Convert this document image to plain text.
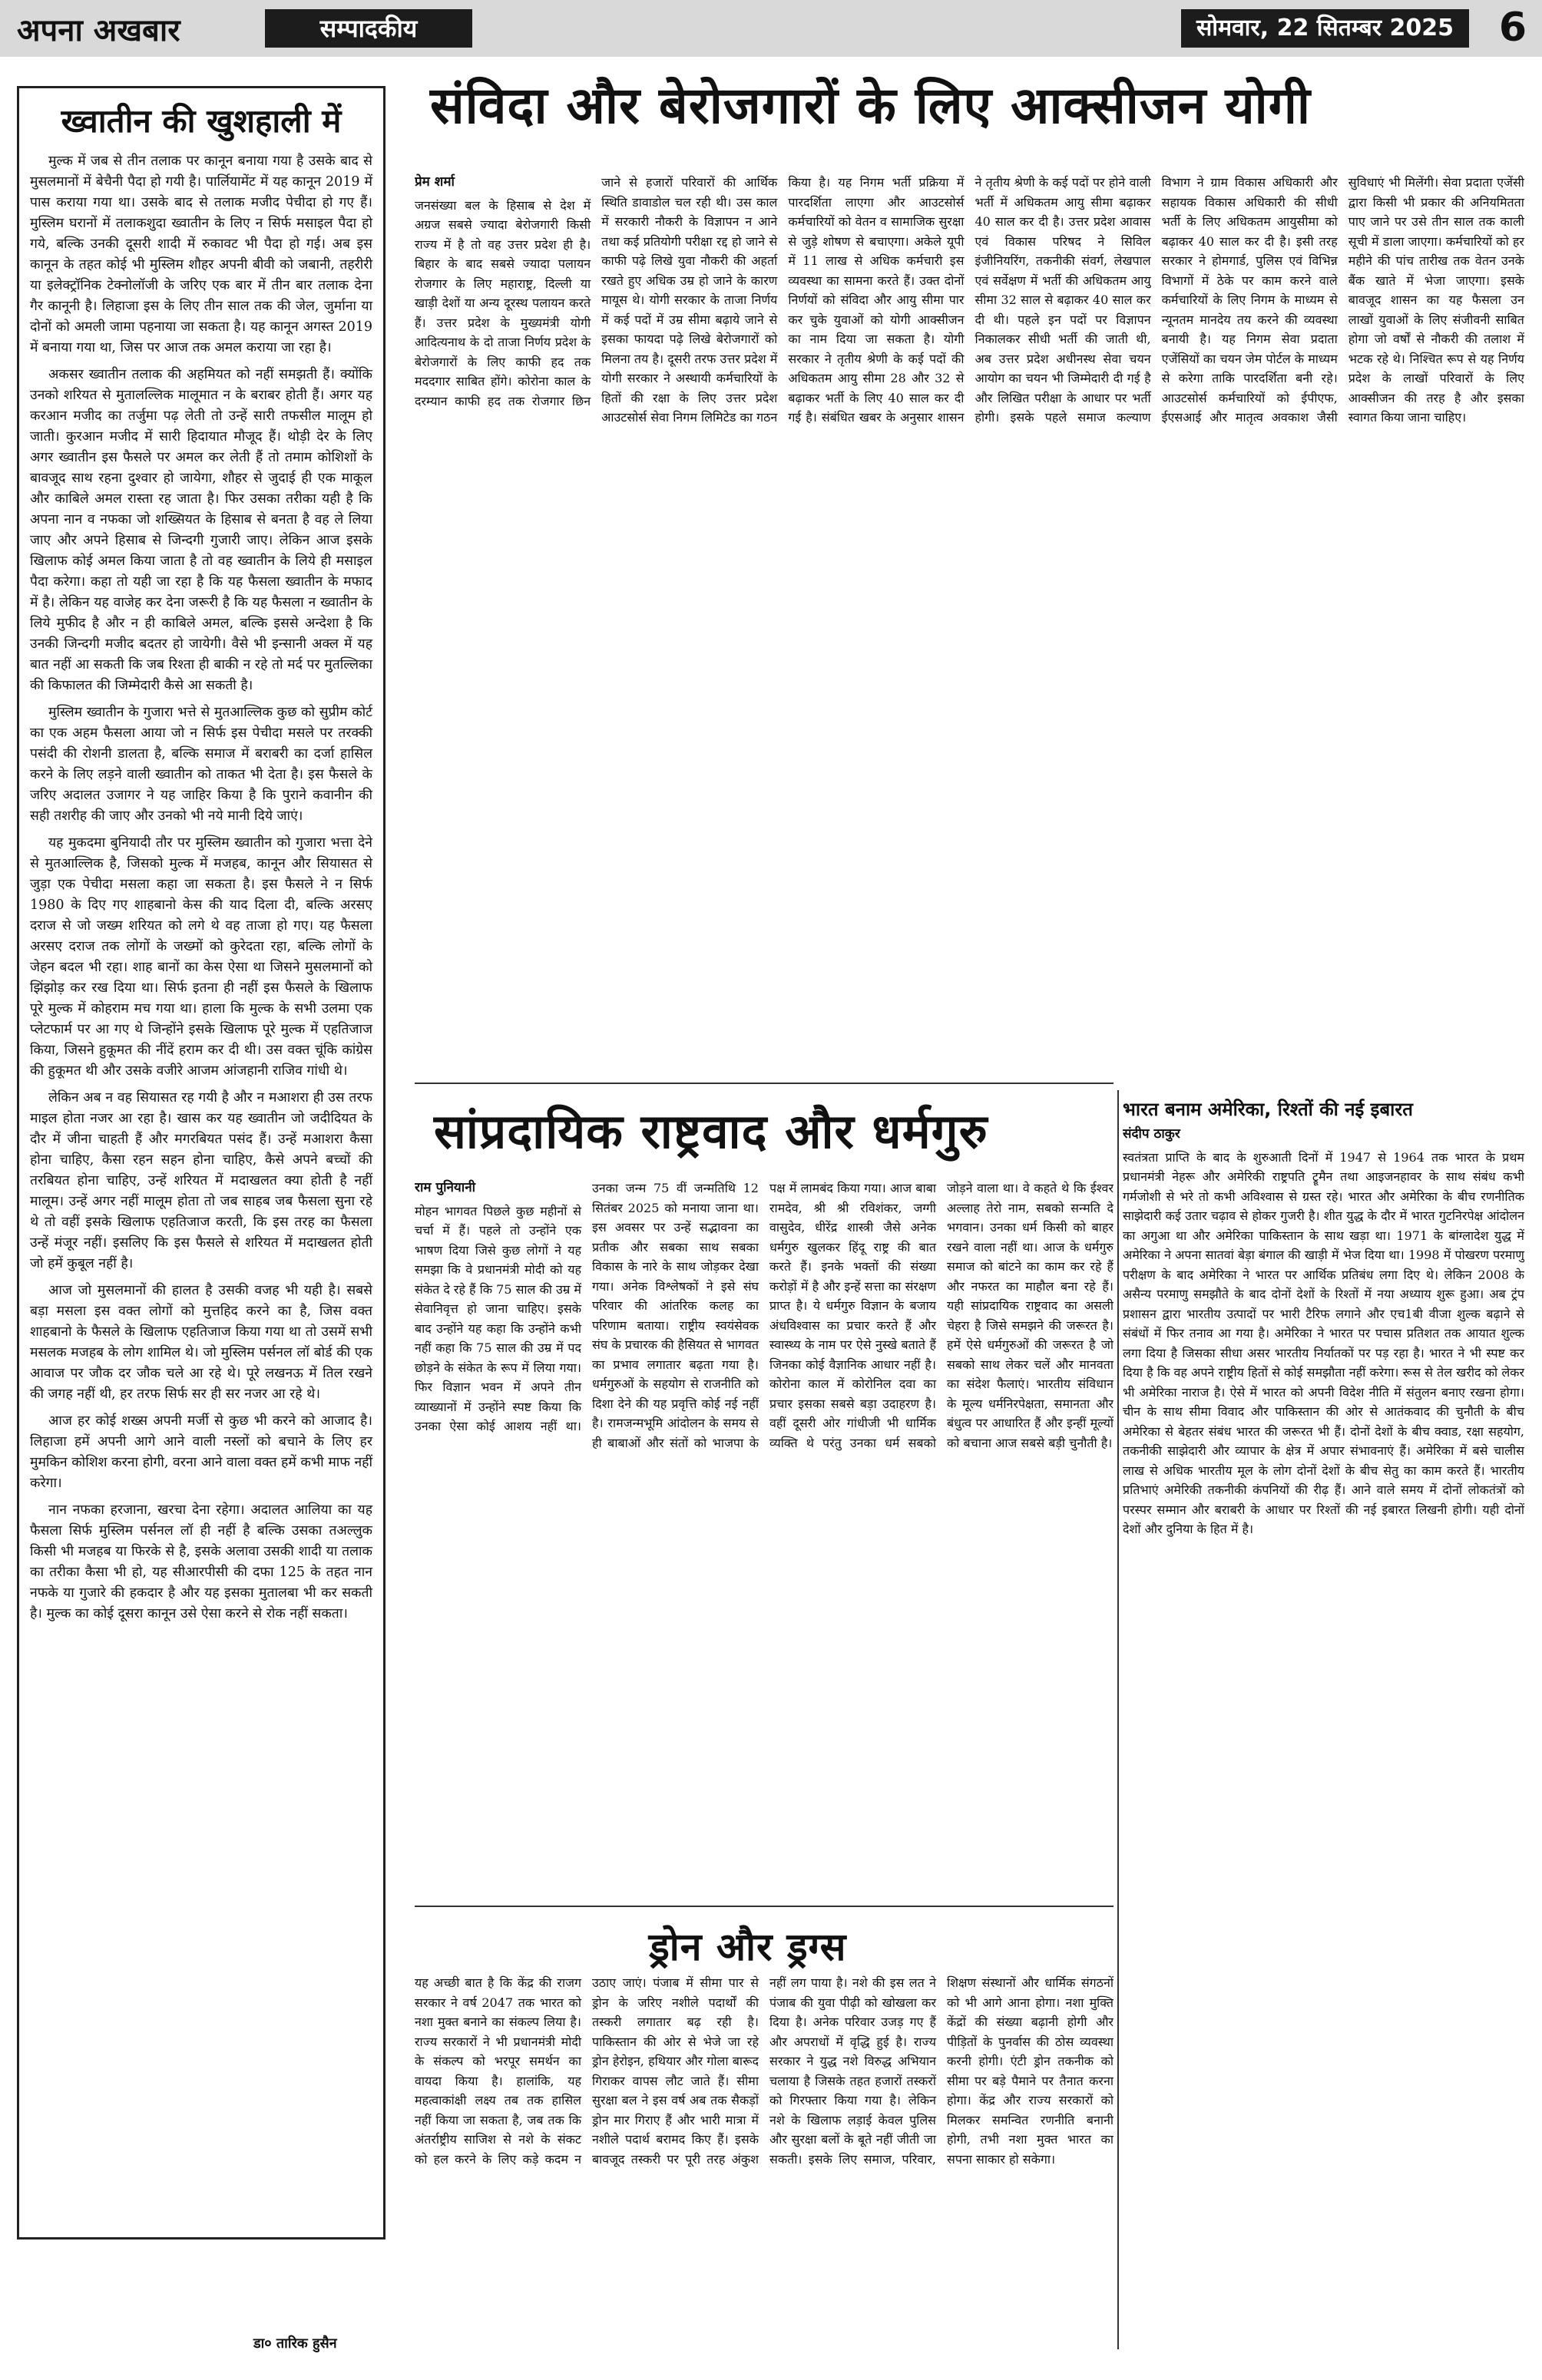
अपना अखबार	सम्पादकीय	सोमवार, 22 सितम्बर 2025	6
ख्वातीन की खुशहाली में

मुल्क में जब से तीन तलाक पर कानून बनाया गया है उसके बाद से मुसलमानों में बेचैनी पैदा हो गयी है। पार्लियामेंट में यह कानून 2019 में पास कराया गया था। उसके बाद से तलाक मजीद पेचीदा हो गए हैं। मुस्लिम घरानों में तलाकशुदा ख्वातीन के लिए न सिर्फ मसाइल पैदा हो गये, बल्कि उनकी दूसरी शादी में रुकावट भी पैदा हो गई। अब इस कानून के तहत कोई भी मुस्लिम शौहर अपनी बीवी को जबानी, तहरीरी या इलेक्ट्रॉनिक टेक्नोलॉजी के जरिए एक बार में तीन बार तलाक देना गैर कानूनी है। लिहाजा इस के लिए तीन साल तक की जेल, जुर्माना या दोनों को अमली जामा पहनाया जा सकता है। यह कानून अगस्त 2019 में बनाया गया था, जिस पर आज तक अमल कराया जा रहा है।

अकसर ख्वातीन तलाक की अहमियत को नहीं समझती हैं। क्योंकि उनको शरियत से मुतालल्लिक मालूमात न के बराबर होती हैं। अगर यह करआन मजीद का तर्जुमा पढ़ लेती तो उन्हें सारी तफसील मालूम हो जाती। कुरआन मजीद में सारी हिदायात मौजूद हैं। थोड़ी देर के लिए अगर ख्वातीन इस फैसले पर अमल कर लेती हैं तो तमाम कोशिशों के बावजूद साथ रहना दुश्वार हो जायेगा, शौहर से जुदाई ही एक माकूल और काबिले अमल रास्ता रह जाता है। फिर उसका तरीका यही है कि अपना नान व नफका जो शख्सियत के हिसाब से बनता है वह ले लिया जाए और अपने हिसाब से जिन्दगी गुजारी जाए। लेकिन आज इसके खिलाफ कोई अमल किया जाता है तो वह ख्वातीन के लिये ही मसाइल पैदा करेगा। कहा तो यही जा रहा है कि यह फैसला ख्वातीन के मफाद में है। लेकिन यह वाजेह कर देना जरूरी है कि यह फैसला न ख्वातीन के लिये मुफीद है और न ही काबिले अमल, बल्कि इससे अन्देशा है कि उनकी जिन्दगी मजीद बदतर हो जायेगी। वैसे भी इन्सानी अक्ल में यह बात नहीं आ सकती कि जब रिश्ता ही बाकी न रहे तो मर्द पर मुतल्लिका की किफालत की जिम्मेदारी कैसे आ सकती है।

मुस्लिम ख्वातीन के गुजारा भत्ते से मुतआल्लिक कुछ को सुप्रीम कोर्ट का एक अहम फैसला आया जो न सिर्फ इस पेचीदा मसले पर तरक्की पसंदी की रोशनी डालता है, बल्कि समाज में बराबरी का दर्जा हासिल करने के लिए लड़ने वाली ख्वातीन को ताकत भी देता है। इस फैसले के जरिए अदालत उजागर ने यह जाहिर किया है कि पुराने कवानीन की सही तशरीह की जाए और उनको भी नये मानी दिये जाएं।

यह मुकदमा बुनियादी तौर पर मुस्लिम ख्वातीन को गुजारा भत्ता देने से मुतआल्लिक है, जिसको मुल्क में मजहब, कानून और सियासत से जुड़ा एक पेचीदा मसला कहा जा सकता है। इस फैसले ने न सिर्फ 1980 के दिए गए शाहबानो केस की याद दिला दी, बल्कि अरसए दराज से जो जख्म शरियत को लगे थे वह ताजा हो गए। यह फैसला अरसए दराज तक लोगों के जख्मों को कुरेदता रहा, बल्कि लोगों के जेहन बदल भी रहा। शाह बानों का केस ऐसा था जिसने मुसलमानों को झिंझोड़ कर रख दिया था। सिर्फ इतना ही नहीं इस फैसले के खिलाफ पूरे मुल्क में कोहराम मच गया था। हाला कि मुल्क के सभी उलमा एक प्लेटफार्म पर आ गए थे जिन्होंने इसके खिलाफ पूरे मुल्क में एहतिजाज किया, जिसने हुकूमत की नींदें हराम कर दी थी। उस वक्त चूंकि कांग्रेस की हुकूमत थी और उसके वजीरे आजम आंजहानी राजिव गांधी थे।

लेकिन अब न वह सियासत रह गयी है और न मआशरा ही उस तरफ माइल होता नजर आ रहा है। खास कर यह ख्वातीन जो जदीदियत के दौर में जीना चाहती हैं और मगरबियत पसंद हैं। उन्हें मआशरा कैसा होना चाहिए, कैसा रहन सहन होना चाहिए, कैसे अपने बच्चों की तरबियत होना चाहिए, उन्हें शरियत में मदाखलत क्या होती है नहीं मालूम। उन्हें अगर नहीं मालूम होता तो जब साहब जब फैसला सुना रहे थे तो वहीं इसके खिलाफ एहतिजाज करती, कि इस तरह का फैसला उन्हें मंजूर नहीं। इसलिए कि इस फैसले से शरियत में मदाखलत होती जो हमें कुबूल नहीं है।

आज जो मुसलमानों की हालत है उसकी वजह भी यही है। सबसे बड़ा मसला इस वक्त लोगों को मुत्तहिद करने का है, जिस वक्त शाहबानो के फैसले के खिलाफ एहतिजाज किया गया था तो उसमें सभी मसलक मजहब के लोग शामिल थे। जो मुस्लिम पर्सनल लॉ बोर्ड की एक आवाज पर जौक दर जौक चले आ रहे थे। पूरे लखनऊ में तिल रखने की जगह नहीं थी, हर तरफ सिर्फ सर ही सर नजर आ रहे थे।

आज हर कोई शख्स अपनी मर्जी से कुछ भी करने को आजाद है। लिहाजा हमें अपनी आगे आने वाली नस्लों को बचाने के लिए हर मुमकिन कोशिश करना होगी, वरना आने वाला वक्त हमें कभी माफ नहीं करेगा।

नान नफका हरजाना, खरचा देना रहेगा। अदालत आलिया का यह फैसला सिर्फ मुस्लिम पर्सनल लॉ ही नहीं है बल्कि उसका तअल्लुक किसी भी मजहब या फिरके से है, इसके अलावा उसकी शादी या तलाक का तरीका कैसा भी हो, यह सीआरपीसी की दफा 125 के तहत नान नफके या गुजारे की हकदार है और यह इसका मुतालबा भी कर सकती है। मुल्क का कोई दूसरा कानून उसे ऐसा करने से रोक नहीं सकता।

डा० तारिक हुसैन
संविदा और बेरोजगारों के लिए आक्सीजन योगी
प्रेम शर्मा

जनसंख्या बल के हिसाब से देश में अग्रज सबसे ज्यादा बेरोजगारी किसी राज्य में है तो वह उत्तर प्रदेश ही है। बिहार के बाद सबसे ज्यादा पलायन रोजगार के लिए महाराष्ट्र, दिल्ली या खाड़ी देशों या अन्य दूरस्थ पलायन करते हैं। उत्तर प्रदेश के मुख्यमंत्री योगी आदित्यनाथ के दो ताजा निर्णय प्रदेश के बेरोजगारों के लिए काफी हद तक मददगार साबित होंगे। कोरोना काल के दरम्यान काफी हद तक रोजगार छिन जाने से हजारों परिवारों की आर्थिक स्थिति डावाडोल चल रही थी। उस काल में सरकारी नौकरी के विज्ञापन न आने तथा कई प्रतियोगी परीक्षा रद्द हो जाने से काफी पढ़े लिखे युवा नौकरी की अहर्ता रखते हुए अधिक उम्र हो जाने के कारण मायूस थे। योगी सरकार के ताजा निर्णय में कई पदों में उम्र सीमा बढ़ाये जाने से इसका फायदा पढ़े लिखे बेरोजगारों को मिलना तय है। दूसरी तरफ उत्तर प्रदेश में योगी सरकार ने अस्थायी कर्मचारियों के हितों की रक्षा के लिए उत्तर प्रदेश आउटसोर्स सेवा निगम लिमिटेड का गठन किया है। यह निगम भर्ती प्रक्रिया में पारदर्शिता लाएगा और आउटसोर्स कर्मचारियों को वेतन व सामाजिक सुरक्षा से जुड़े शोषण से बचाएगा। अकेले यूपी में 11 लाख से अधिक कर्मचारी इस व्यवस्था का सामना करते हैं। उक्त दोनों निर्णयों को संविदा और आयु सीमा पार कर चुके युवाओं को योगी आक्सीजन का नाम दिया जा सकता है। योगी सरकार ने तृतीय श्रेणी के कई पदों की अधिकतम आयु सीमा 28 और 32 से बढ़ाकर भर्ती के लिए 40 साल कर दी गई है। संबंधित खबर के अनुसार शासन ने तृतीय श्रेणी के कई पदों पर होने वाली भर्ती में अधिकतम आयु सीमा बढ़ाकर 40 साल कर दी है। उत्तर प्रदेश आवास एवं विकास परिषद ने सिविल इंजीनियरिंग, तकनीकी संवर्ग, लेखपाल एवं सर्वेक्षण में भर्ती की अधिकतम आयु सीमा 32 साल से बढ़ाकर 40 साल कर दी थी। पहले इन पदों पर विज्ञापन निकालकर सीधी भर्ती की जाती थी, अब उत्तर प्रदेश अधीनस्थ सेवा चयन आयोग का चयन भी जिम्मेदारी दी गई है और लिखित परीक्षा के आधार पर भर्ती होगी। इसके पहले समाज कल्याण विभाग ने ग्राम विकास अधिकारी और सहायक विकास अधिकारी की सीधी भर्ती के लिए अधिकतम आयुसीमा को बढ़ाकर 40 साल कर दी है। इसी तरह सरकार ने होमगार्ड, पुलिस एवं विभिन्न विभागों में ठेके पर काम करने वाले कर्मचारियों के लिए निगम के माध्यम से न्यूनतम मानदेय तय करने की व्यवस्था बनायी है। यह निगम सेवा प्रदाता एजेंसियों का चयन जेम पोर्टल के माध्यम से करेगा ताकि पारदर्शिता बनी रहे। आउटसोर्स कर्मचारियों को ईपीएफ, ईएसआई और मातृत्व अवकाश जैसी सुविधाएं भी मिलेंगी। सेवा प्रदाता एजेंसी द्वारा किसी भी प्रकार की अनियमितता पाए जाने पर उसे तीन साल तक काली सूची में डाला जाएगा। कर्मचारियों को हर महीने की पांच तारीख तक वेतन उनके बैंक खाते में भेजा जाएगा। इसके बावजूद शासन का यह फैसला उन लाखों युवाओं के लिए संजीवनी साबित होगा जो वर्षों से नौकरी की तलाश में भटक रहे थे। निश्चित रूप से यह निर्णय प्रदेश के लाखों परिवारों के लिए आक्सीजन की तरह है और इसका स्वागत किया जाना चाहिए।

सांप्रदायिक राष्ट्रवाद और धर्मगुरु
राम पुनियानी

मोहन भागवत पिछले कुछ महीनों से चर्चा में हैं। पहले तो उन्होंने एक भाषण दिया जिसे कुछ लोगों ने यह समझा कि वे प्रधानमंत्री मोदी को यह संकेत दे रहे हैं कि 75 साल की उम्र में सेवानिवृत्त हो जाना चाहिए। इसके बाद उन्होंने यह कहा कि उन्होंने कभी नहीं कहा कि 75 साल की उम्र में पद छोड़ने के संकेत के रूप में लिया गया। फिर विज्ञान भवन में अपने तीन व्याख्यानों में उन्होंने स्पष्ट किया कि उनका ऐसा कोई आशय नहीं था। उनका जन्म 75 वीं जन्मतिथि 12 सितंबर 2025 को मनाया जाना था। इस अवसर पर उन्हें सद्भावना का प्रतीक और सबका साथ सबका विकास के नारे के साथ जोड़कर देखा गया। अनेक विश्लेषकों ने इसे संघ परिवार की आंतरिक कलह का परिणाम बताया। राष्ट्रीय स्वयंसेवक संघ के प्रचारक की हैसियत से भागवत का प्रभाव लगातार बढ़ता गया है। धर्मगुरुओं के सहयोग से राजनीति को दिशा देने की यह प्रवृत्ति कोई नई नहीं है। रामजन्मभूमि आंदोलन के समय से ही बाबाओं और संतों को भाजपा के पक्ष में लामबंद किया गया। आज बाबा रामदेव, श्री श्री रविशंकर, जग्गी वासुदेव, धीरेंद्र शास्त्री जैसे अनेक धर्मगुरु खुलकर हिंदू राष्ट्र की बात करते हैं। इनके भक्तों की संख्या करोड़ों में है और इन्हें सत्ता का संरक्षण प्राप्त है। ये धर्मगुरु विज्ञान के बजाय अंधविश्वास का प्रचार करते हैं और स्वास्थ्य के नाम पर ऐसे नुस्खे बताते हैं जिनका कोई वैज्ञानिक आधार नहीं है। कोरोना काल में कोरोनिल दवा का प्रचार इसका सबसे बड़ा उदाहरण है। वहीं दूसरी ओर गांधीजी भी धार्मिक व्यक्ति थे परंतु उनका धर्म सबको जोड़ने वाला था। वे कहते थे कि ईश्वर अल्लाह तेरो नाम, सबको सन्मति दे भगवान। उनका धर्म किसी को बाहर रखने वाला नहीं था। आज के धर्मगुरु समाज को बांटने का काम कर रहे हैं और नफरत का माहौल बना रहे हैं। यही सांप्रदायिक राष्ट्रवाद का असली चेहरा है जिसे समझने की जरूरत है। हमें ऐसे धर्मगुरुओं की जरूरत है जो सबको साथ लेकर चलें और मानवता का संदेश फैलाएं। भारतीय संविधान के मूल्य धर्मनिरपेक्षता, समानता और बंधुत्व पर आधारित हैं और इन्हीं मूल्यों को बचाना आज सबसे बड़ी चुनौती है।

भारत बनाम अमेरिका, रिश्तों की नई इबारत
संदीप ठाकुर

स्वतंत्रता प्राप्ति के बाद के शुरुआती दिनों में 1947 से 1964 तक भारत के प्रथम प्रधानमंत्री नेहरू और अमेरिकी राष्ट्रपति ट्रूमैन तथा आइजनहावर के साथ संबंध कभी गर्मजोशी से भरे तो कभी अविश्वास से ग्रस्त रहे। भारत और अमेरिका के बीच रणनीतिक साझेदारी कई उतार चढ़ाव से होकर गुजरी है। शीत युद्ध के दौर में भारत गुटनिरपेक्ष आंदोलन का अगुआ था और अमेरिका पाकिस्तान के साथ खड़ा था। 1971 के बांग्लादेश युद्ध में अमेरिका ने अपना सातवां बेड़ा बंगाल की खाड़ी में भेज दिया था। 1998 में पोखरण परमाणु परीक्षण के बाद अमेरिका ने भारत पर आर्थिक प्रतिबंध लगा दिए थे। लेकिन 2008 के असैन्य परमाणु समझौते के बाद दोनों देशों के रिश्तों में नया अध्याय शुरू हुआ। अब ट्रंप प्रशासन द्वारा भारतीय उत्पादों पर भारी टैरिफ लगाने और एच1बी वीजा शुल्क बढ़ाने से संबंधों में फिर तनाव आ गया है। अमेरिका ने भारत पर पचास प्रतिशत तक आयात शुल्क लगा दिया है जिसका सीधा असर भारतीय निर्यातकों पर पड़ रहा है। भारत ने भी स्पष्ट कर दिया है कि वह अपने राष्ट्रीय हितों से कोई समझौता नहीं करेगा। रूस से तेल खरीद को लेकर भी अमेरिका नाराज है। ऐसे में भारत को अपनी विदेश नीति में संतुलन बनाए रखना होगा। चीन के साथ सीमा विवाद और पाकिस्तान की ओर से आतंकवाद की चुनौती के बीच अमेरिका से बेहतर संबंध भारत की जरूरत भी हैं। दोनों देशों के बीच क्वाड, रक्षा सहयोग, तकनीकी साझेदारी और व्यापार के क्षेत्र में अपार संभावनाएं हैं। अमेरिका में बसे चालीस लाख से अधिक भारतीय मूल के लोग दोनों देशों के बीच सेतु का काम करते हैं। भारतीय प्रतिभाएं अमेरिकी तकनीकी कंपनियों की रीढ़ हैं। आने वाले समय में दोनों लोकतंत्रों को परस्पर सम्मान और बराबरी के आधार पर रिश्तों की नई इबारत लिखनी होगी। यही दोनों देशों और दुनिया के हित में है।

ड्रोन और ड्रग्स

यह अच्छी बात है कि केंद्र की राजग सरकार ने वर्ष 2047 तक भारत को नशा मुक्त बनाने का संकल्प लिया है। राज्य सरकारों ने भी प्रधानमंत्री मोदी के संकल्प को भरपूर समर्थन का वायदा किया है। हालांकि, यह महत्वाकांक्षी लक्ष्य तब तक हासिल नहीं किया जा सकता है, जब तक कि अंतर्राष्ट्रीय साजिश से नशे के संकट को हल करने के लिए कड़े कदम न उठाए जाएं। पंजाब में सीमा पार से ड्रोन के जरिए नशीले पदार्थों की तस्करी लगातार बढ़ रही है। पाकिस्तान की ओर से भेजे जा रहे ड्रोन हेरोइन, हथियार और गोला बारूद गिराकर वापस लौट जाते हैं। सीमा सुरक्षा बल ने इस वर्ष अब तक सैकड़ों ड्रोन मार गिराए हैं और भारी मात्रा में नशीले पदार्थ बरामद किए हैं। इसके बावजूद तस्करी पर पूरी तरह अंकुश नहीं लग पाया है। नशे की इस लत ने पंजाब की युवा पीढ़ी को खोखला कर दिया है। अनेक परिवार उजड़ गए हैं और अपराधों में वृद्धि हुई है। राज्य सरकार ने युद्ध नशे विरुद्ध अभियान चलाया है जिसके तहत हजारों तस्करों को गिरफ्तार किया गया है। लेकिन नशे के खिलाफ लड़ाई केवल पुलिस और सुरक्षा बलों के बूते नहीं जीती जा सकती। इसके लिए समाज, परिवार, शिक्षण संस्थानों और धार्मिक संगठनों को भी आगे आना होगा। नशा मुक्ति केंद्रों की संख्या बढ़ानी होगी और पीड़ितों के पुनर्वास की ठोस व्यवस्था करनी होगी। एंटी ड्रोन तकनीक को सीमा पर बड़े पैमाने पर तैनात करना होगा। केंद्र और राज्य सरकारों को मिलकर समन्वित रणनीति बनानी होगी, तभी नशा मुक्त भारत का सपना साकार हो सकेगा।
